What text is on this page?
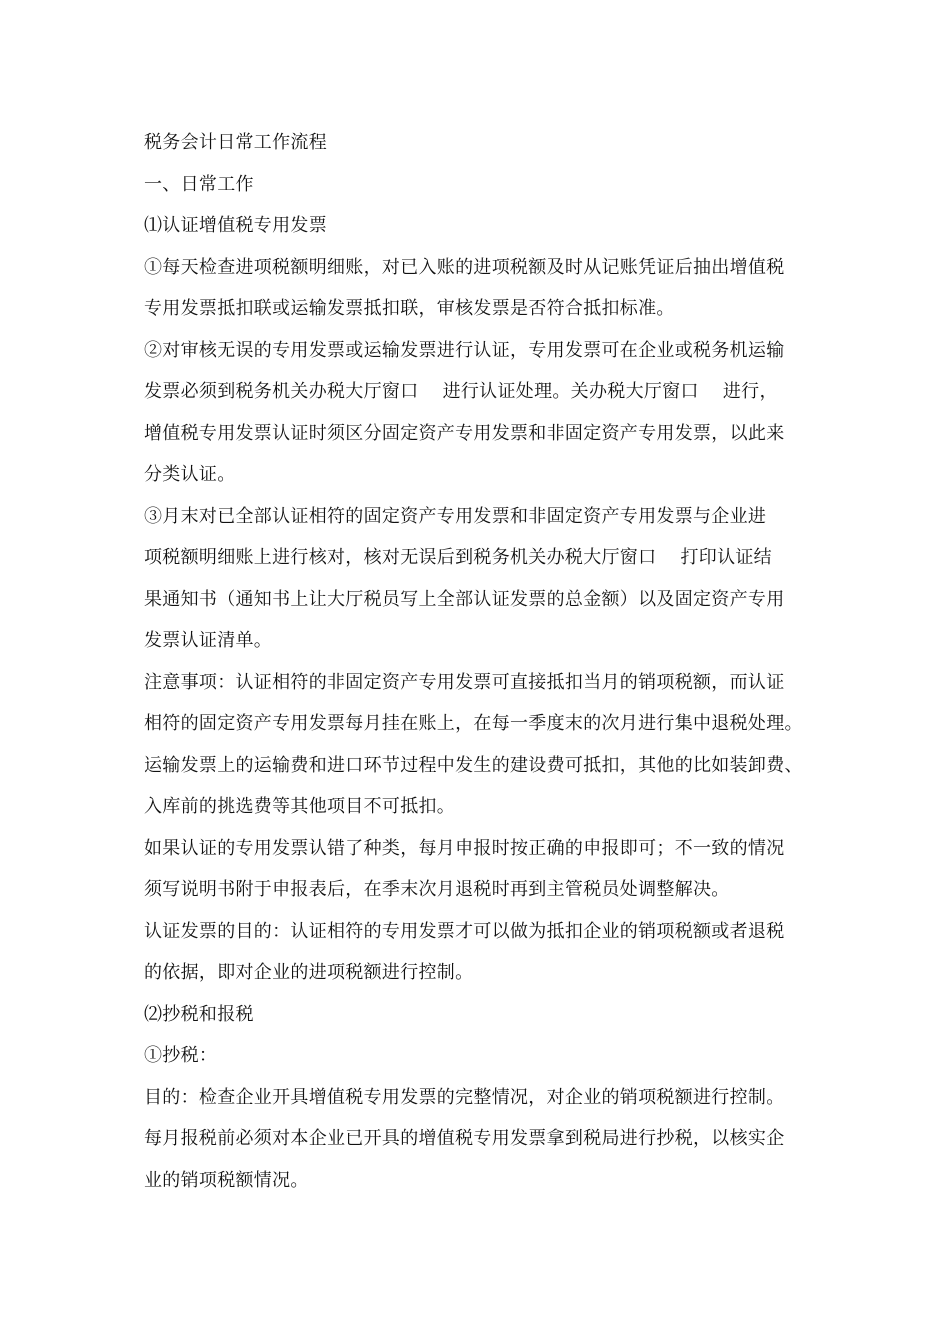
税务会计日常工作流程
一、日常工作
⑴认证增值税专用发票
①每天检查进项税额明细账，对已入账的进项税额及时从记账凭证后抽出增值税
专用发票抵扣联或运输发票抵扣联，审核发票是否符合抵扣标准。
②对审核无误的专用发票或运输发票进行认证，专用发票可在企业或税务机运输
发票必须到税务机关办税大厅窗口    进行认证处理。关办税大厅窗口    进行，
增值税专用发票认证时须区分固定资产专用发票和非固定资产专用发票，以此来
分类认证。
③月末对已全部认证相符的固定资产专用发票和非固定资产专用发票与企业进
项税额明细账上进行核对，核对无误后到税务机关办税大厅窗口    打印认证结
果通知书（通知书上让大厅税员写上全部认证发票的总金额）以及固定资产专用
发票认证清单。
注意事项：认证相符的非固定资产专用发票可直接抵扣当月的销项税额，而认证
相符的固定资产专用发票每月挂在账上，在每一季度末的次月进行集中退税处理。
运输发票上的运输费和进口环节过程中发生的建设费可抵扣，其他的比如装卸费、
入库前的挑选费等其他项目不可抵扣。
如果认证的专用发票认错了种类，每月申报时按正确的申报即可；不一致的情况
须写说明书附于申报表后，在季末次月退税时再到主管税员处调整解决。
认证发票的目的：认证相符的专用发票才可以做为抵扣企业的销项税额或者退税
的依据，即对企业的进项税额进行控制。
⑵抄税和报税
①抄税：
目的：检查企业开具增值税专用发票的完整情况，对企业的销项税额进行控制。
每月报税前必须对本企业已开具的增值税专用发票拿到税局进行抄税，以核实企
业的销项税额情况。
